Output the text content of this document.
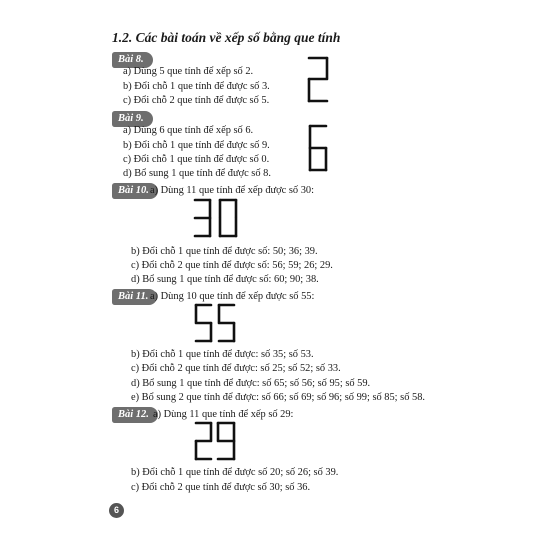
1.2. Các bài toán về xếp số bằng que tính
Bài 8.
a) Dùng 5 que tính để xếp số 2.
b) Đổi chỗ 1 que tính để được số 3.
c) Đổi chỗ 2 que tính để được số 5.
Bài 9.
a) Dùng 6 que tính để xếp số 6.
b) Đổi chỗ 1 que tính để được số 9.
c) Đổi chỗ 1 que tính để được số 0.
d) Bổ sung 1 que tính để được số 8.
Bài 10. a) Dùng 11 que tính để xếp được số 30:
b) Đổi chỗ 1 que tính để được số: 50; 36; 39.
c) Đổi chỗ 2 que tính để được số: 56; 59; 26; 29.
d) Bổ sung 1 que tính để được số: 60; 90; 38.
Bài 11. a) Dùng 10 que tính để xếp được số 55:
b) Đổi chỗ 1 que tính để được: số 35; số 53.
c) Đổi chỗ 2 que tính để được: số 25; số 52; số 33.
d) Bổ sung 1 que tính để được: số 65; số 56; số 95; số 59.
e) Bổ sung 2 que tính để được: số 66; số 69; số 96; số 99; số 85; số 58.
Bài 12. a) Dùng 11 que tính để xếp số 29:
b) Đổi chỗ 1 que tính để được số 20; số 26; số 39.
c) Đổi chỗ 2 que tính để được số 30; số 36.
6
